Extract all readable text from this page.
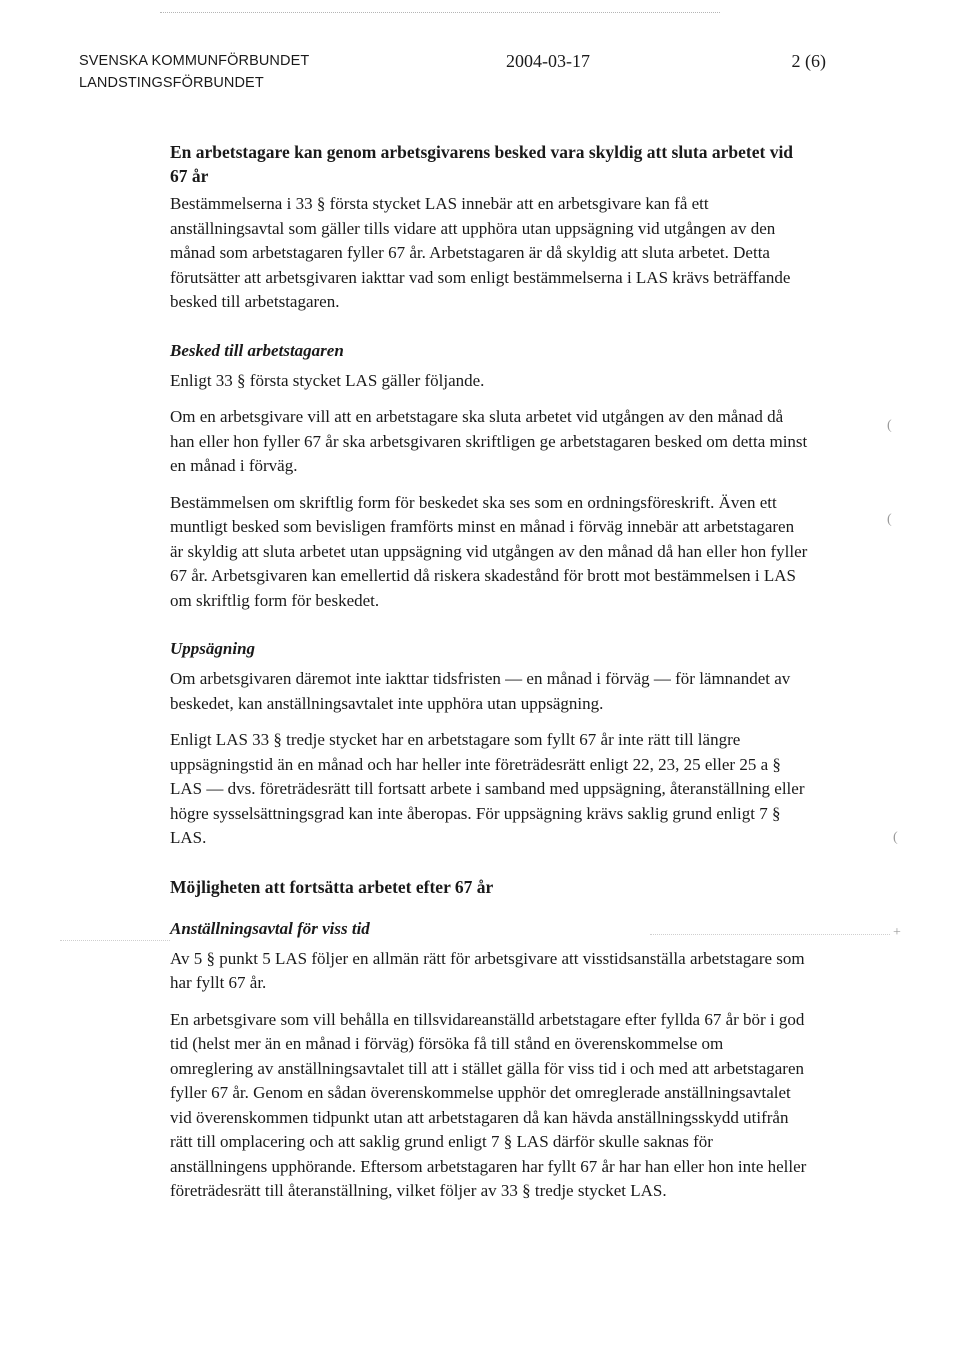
SVENSKA KOMMUNFÖRBUNDET
LANDSTINGSFÖRBUNDET
2004-03-17	2 (6)
En arbetstagare kan genom arbetsgivarens besked vara skyldig att sluta arbetet vid 67 år

Bestämmelserna i 33 § första stycket LAS innebär att en arbetsgivare kan få ett anställningsavtal som gäller tills vidare att upphöra utan uppsägning vid utgången av den månad som arbetstagaren fyller 67 år. Arbetstagaren är då skyldig att sluta arbetet. Detta förutsätter att arbetsgivaren iakttar vad som enligt bestämmelserna i LAS krävs beträffande besked till arbetstagaren.

Besked till arbetstagaren

Enligt 33 § första stycket LAS gäller följande.

Om en arbetsgivare vill att en arbetstagare ska sluta arbetet vid utgången av den månad då han eller hon fyller 67 år ska arbetsgivaren skriftligen ge arbetstagaren besked om detta minst en månad i förväg.

Bestämmelsen om skriftlig form för beskedet ska ses som en ordningsföreskrift. Även ett muntligt besked som bevisligen framförts minst en månad i förväg innebär att arbetstagaren är skyldig att sluta arbetet utan uppsägning vid utgången av den månad då han eller hon fyller 67 år. Arbetsgivaren kan emellertid då riskera skadestånd för brott mot bestämmelsen i LAS om skriftlig form för beskedet.

Uppsägning

Om arbetsgivaren däremot inte iakttar tidsfristen — en månad i förväg — för lämnandet av beskedet, kan anställningsavtalet inte upphöra utan uppsägning.

Enligt LAS 33 § tredje stycket har en arbetstagare som fyllt 67 år inte rätt till längre uppsägningstid än en månad och har heller inte företrädesrätt enligt 22, 23, 25 eller 25 a § LAS — dvs. företrädesrätt till fortsatt arbete i samband med uppsägning, återanställning eller högre sysselsättningsgrad kan inte åberopas. För uppsägning krävs saklig grund enligt 7 § LAS.

Möjligheten att fortsätta arbetet efter 67 år
Anställningsavtal för viss tid

Av 5 § punkt 5 LAS följer en allmän rätt för arbetsgivare att visstidsanställa arbetstagare som har fyllt 67 år.

En arbetsgivare som vill behålla en tillsvidareanställd arbetstagare efter fyllda 67 år bör i god tid (helst mer än en månad i förväg) försöka få till stånd en överenskommelse om omreglering av anställningsavtalet till att i stället gälla för viss tid i och med att arbetstagaren fyller 67 år. Genom en sådan överenskommelse upphör det omreglerade anställningsavtalet vid överenskommen tidpunkt utan att arbetstagaren då kan hävda anställningsskydd utifrån rätt till omplacering och att saklig grund enligt 7 § LAS därför skulle saknas för anställningens upphörande. Eftersom arbetstagaren har fyllt 67 år har han eller hon inte heller företrädesrätt till återanställning, vilket följer av 33 § tredje stycket LAS.

(
(
(
+
